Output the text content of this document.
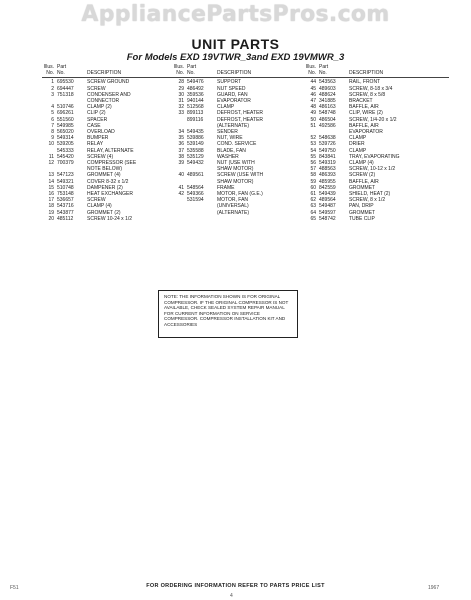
AppliancePartsPros.com
UNIT PARTS
For Models EXD 19VTWR_3and EXD 19VMWR_3
Illus. Part
No. No.	DESCRIPTION
1 695530	SCREW GROUND
2 694447	SCREW
3 751318	CONDENSER AND
CONNECTOR
4 510746	CLAMP (2)
5 696261	CLIP (2)
6 551560	SPACER
7 549985	CASE
8 565020	OVERLOAD
9 549314	BUMPER
10 539205	RELAY
545333	RELAY, ALTERNATE
11 545420	SCREW (4)
12 700379	COMPRESSOR (SEE
NOTE BELOW)
13 547123	GROMMET (4)
14 549321	COVER 8-32 x 1/2
15 510748	DAMPENER (2)
16 753148	HEAT EXCHANGER
17 536657	SCREW
18 543716	CLAMP (4)
19 543877	GROMMET (2)
20 485112	SCREW 10-24 x 1/2
Illus. Part
No. No.	DESCRIPTION
28 549476	SUPPORT
29 486492	NUT SPEED
30 359536	GUARD, FAN
31 940144	EVAPORATOR
32 512568	CLAMP
33 899113	DEFROST, HEATER
899116	DEFROST, HEATER
(ALTERNATE)
34 549435	SENDER
35 539886	NUT, WIRE
36 539149	COND. SERVICE
37 535588	BLADE, FAN
38 535129	WASHER
39 549432	NUT (USE WITH
SHAW MOTOR)
40 489561	SCREW (USE WITH
SHAW MOTOR)
41 548564	FRAME
42 549366	MOTOR, FAN (G.E.)
531594	MOTOR, FAN
(UNIVERSAL)
(ALTERNATE)
Illus. Part
No. No.	DESCRIPTION
44 543563	RAIL, FRONT
45 489603	SCREW, 8-18 x 3/4
46 488624	SCREW, 8 x 5/8
47 341885	BRACKET
48 486163	BAFFLE, AIR
49 548748	CLIP, WIRE (2)
50 486504	SCREW, 1/4-20 x 1/2
51 492586	BAFFLE, AIR
EVAPORATOR
52 548638	CLAMP
53 539726	DRIER
54 549750	CLAMP
55 843841	TRAY, EVAPORATING
56 549319	CLAMP (4)
57 488563	SCREW, 10-12 x 1/2
58 486393	SCREW (2)
59 485955	BAFFLE, AIR
60 842559	GROMMET
61 549439	SHIELD, HEAT (2)
62 489564	SCREW, 8 x 1/2
63 549487	PAN, DRIP
64 549597	GROMMET
65 548742	TUBE CLIP

NOTE: THE INFORMATION SHOWN IS FOR ORIGINAL COMPRESSOR. IF THE ORIGINAL COMPRESSOR IS NOT AVAILABLE, CHECK SEALED SYSTEM REPAIR MANUAL FOR CURRENT INFORMATION ON SERVICE COMPRESSOR. COMPRESSOR INSTALLATION KIT AND ACCESSORIES

FOR ORDERING INFORMATION REFER TO PARTS PRICE LIST
F51
4
1967
